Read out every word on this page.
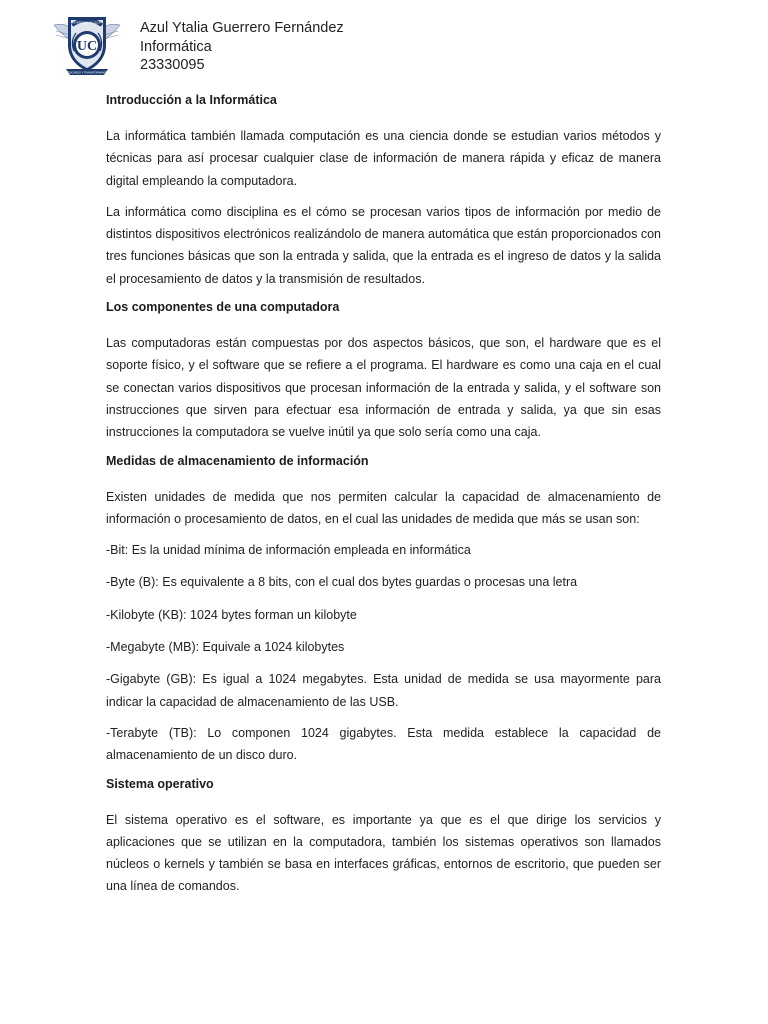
UC
UNIVERSIDAD DE CELAYA
EDUCANDO Y TRANSFORMANDO
Azul Ytalia Guerrero Fernández
Informática
23330095
Introducción a la Informática

La informática también llamada computación es una ciencia donde se estudian varios métodos y técnicas para así procesar cualquier clase de información de manera rápida y eficaz de manera digital empleando la computadora.

La informática como disciplina es el cómo se procesan varios tipos de información por medio de distintos dispositivos electrónicos realizándolo de manera automática que están proporcionados con tres funciones básicas que son la entrada y salida, que la entrada es el ingreso de datos y la salida el procesamiento de datos y la transmisión de resultados.

Los componentes de una computadora

Las computadoras están compuestas por dos aspectos básicos, que son, el hardware que es el soporte físico, y el software que se refiere a el programa. El hardware es como una caja en el cual se conectan varios dispositivos que procesan información de la entrada y salida, y el software son instrucciones que sirven para efectuar esa información de entrada y salida, ya que sin esas instrucciones la computadora se vuelve inútil ya que solo sería como una caja.

Medidas de almacenamiento de información

Existen unidades de medida que nos permiten calcular la capacidad de almacenamiento de información o procesamiento de datos, en el cual las unidades de medida que más se usan son:

-Bit: Es la unidad mínima de información empleada en informática

-Byte (B): Es equivalente a 8 bits, con el cual dos bytes guardas o procesas una letra

-Kilobyte (KB): 1024 bytes forman un kilobyte

-Megabyte (MB): Equivale a 1024 kilobytes

-Gigabyte (GB): Es igual a 1024 megabytes. Esta unidad de medida se usa mayormente para indicar la capacidad de almacenamiento de las USB.

-Terabyte (TB): Lo componen 1024 gigabytes. Esta medida establece la capacidad de almacenamiento de un disco duro.

Sistema operativo

El sistema operativo es el software, es importante ya que es el que dirige los servicios y aplicaciones que se utilizan en la computadora, también los sistemas operativos son llamados núcleos o kernels y también se basa en interfaces gráficas, entornos de escritorio, que pueden ser una línea de comandos.
